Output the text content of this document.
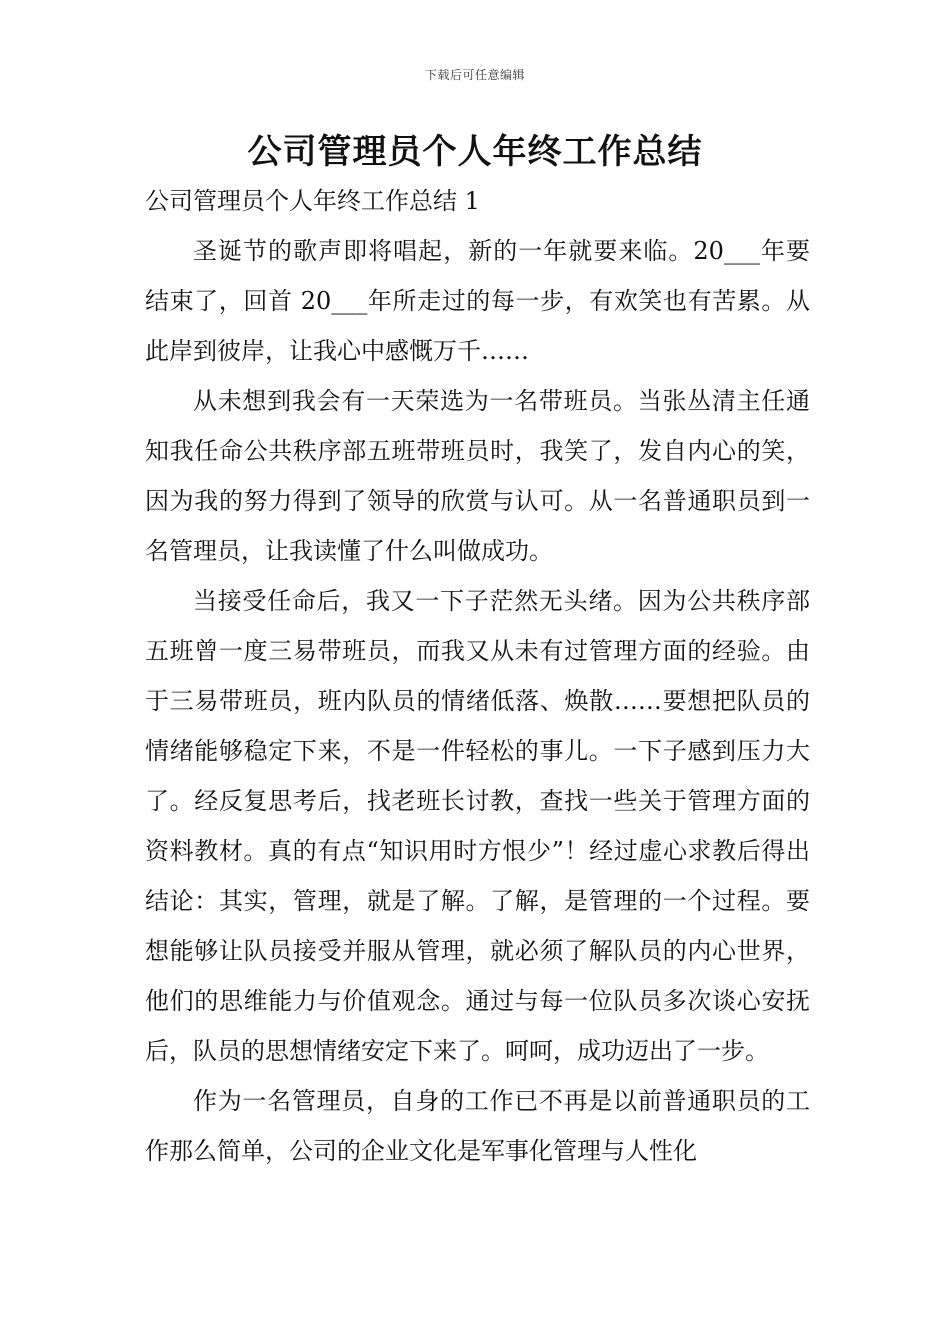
下载后可任意编辑
公司管理员个人年终工作总结

公司管理员个人年终工作总结 1

圣诞节的歌声即将唱起，新的一年就要来临。20___年要结束了，回首 20___年所走过的每一步，有欢笑也有苦累。从此岸到彼岸，让我心中感慨万千……

从未想到我会有一天荣选为一名带班员。当张丛清主任通知我任命公共秩序部五班带班员时，我笑了，发自内心的笑，因为我的努力得到了领导的欣赏与认可。从一名普通职员到一名管理员，让我读懂了什么叫做成功。

当接受任命后，我又一下子茫然无头绪。因为公共秩序部五班曾一度三易带班员，而我又从未有过管理方面的经验。由于三易带班员，班内队员的情绪低落、焕散……要想把队员的情绪能够稳定下来，不是一件轻松的事儿。一下子感到压力大了。经反复思考后，找老班长讨教，查找一些关于管理方面的资料教材。真的有点“知识用时方恨少”！经过虚心求教后得出结论：其实，管理，就是了解。了解，是管理的一个过程。要想能够让队员接受并服从管理，就必须了解队员的内心世界，他们的思维能力与价值观念。通过与每一位队员多次谈心安抚后，队员的思想情绪安定下来了。呵呵，成功迈出了一步。

作为一名管理员，自身的工作已不再是以前普通职员的工作那么简单，公司的企业文化是军事化管理与人性化
